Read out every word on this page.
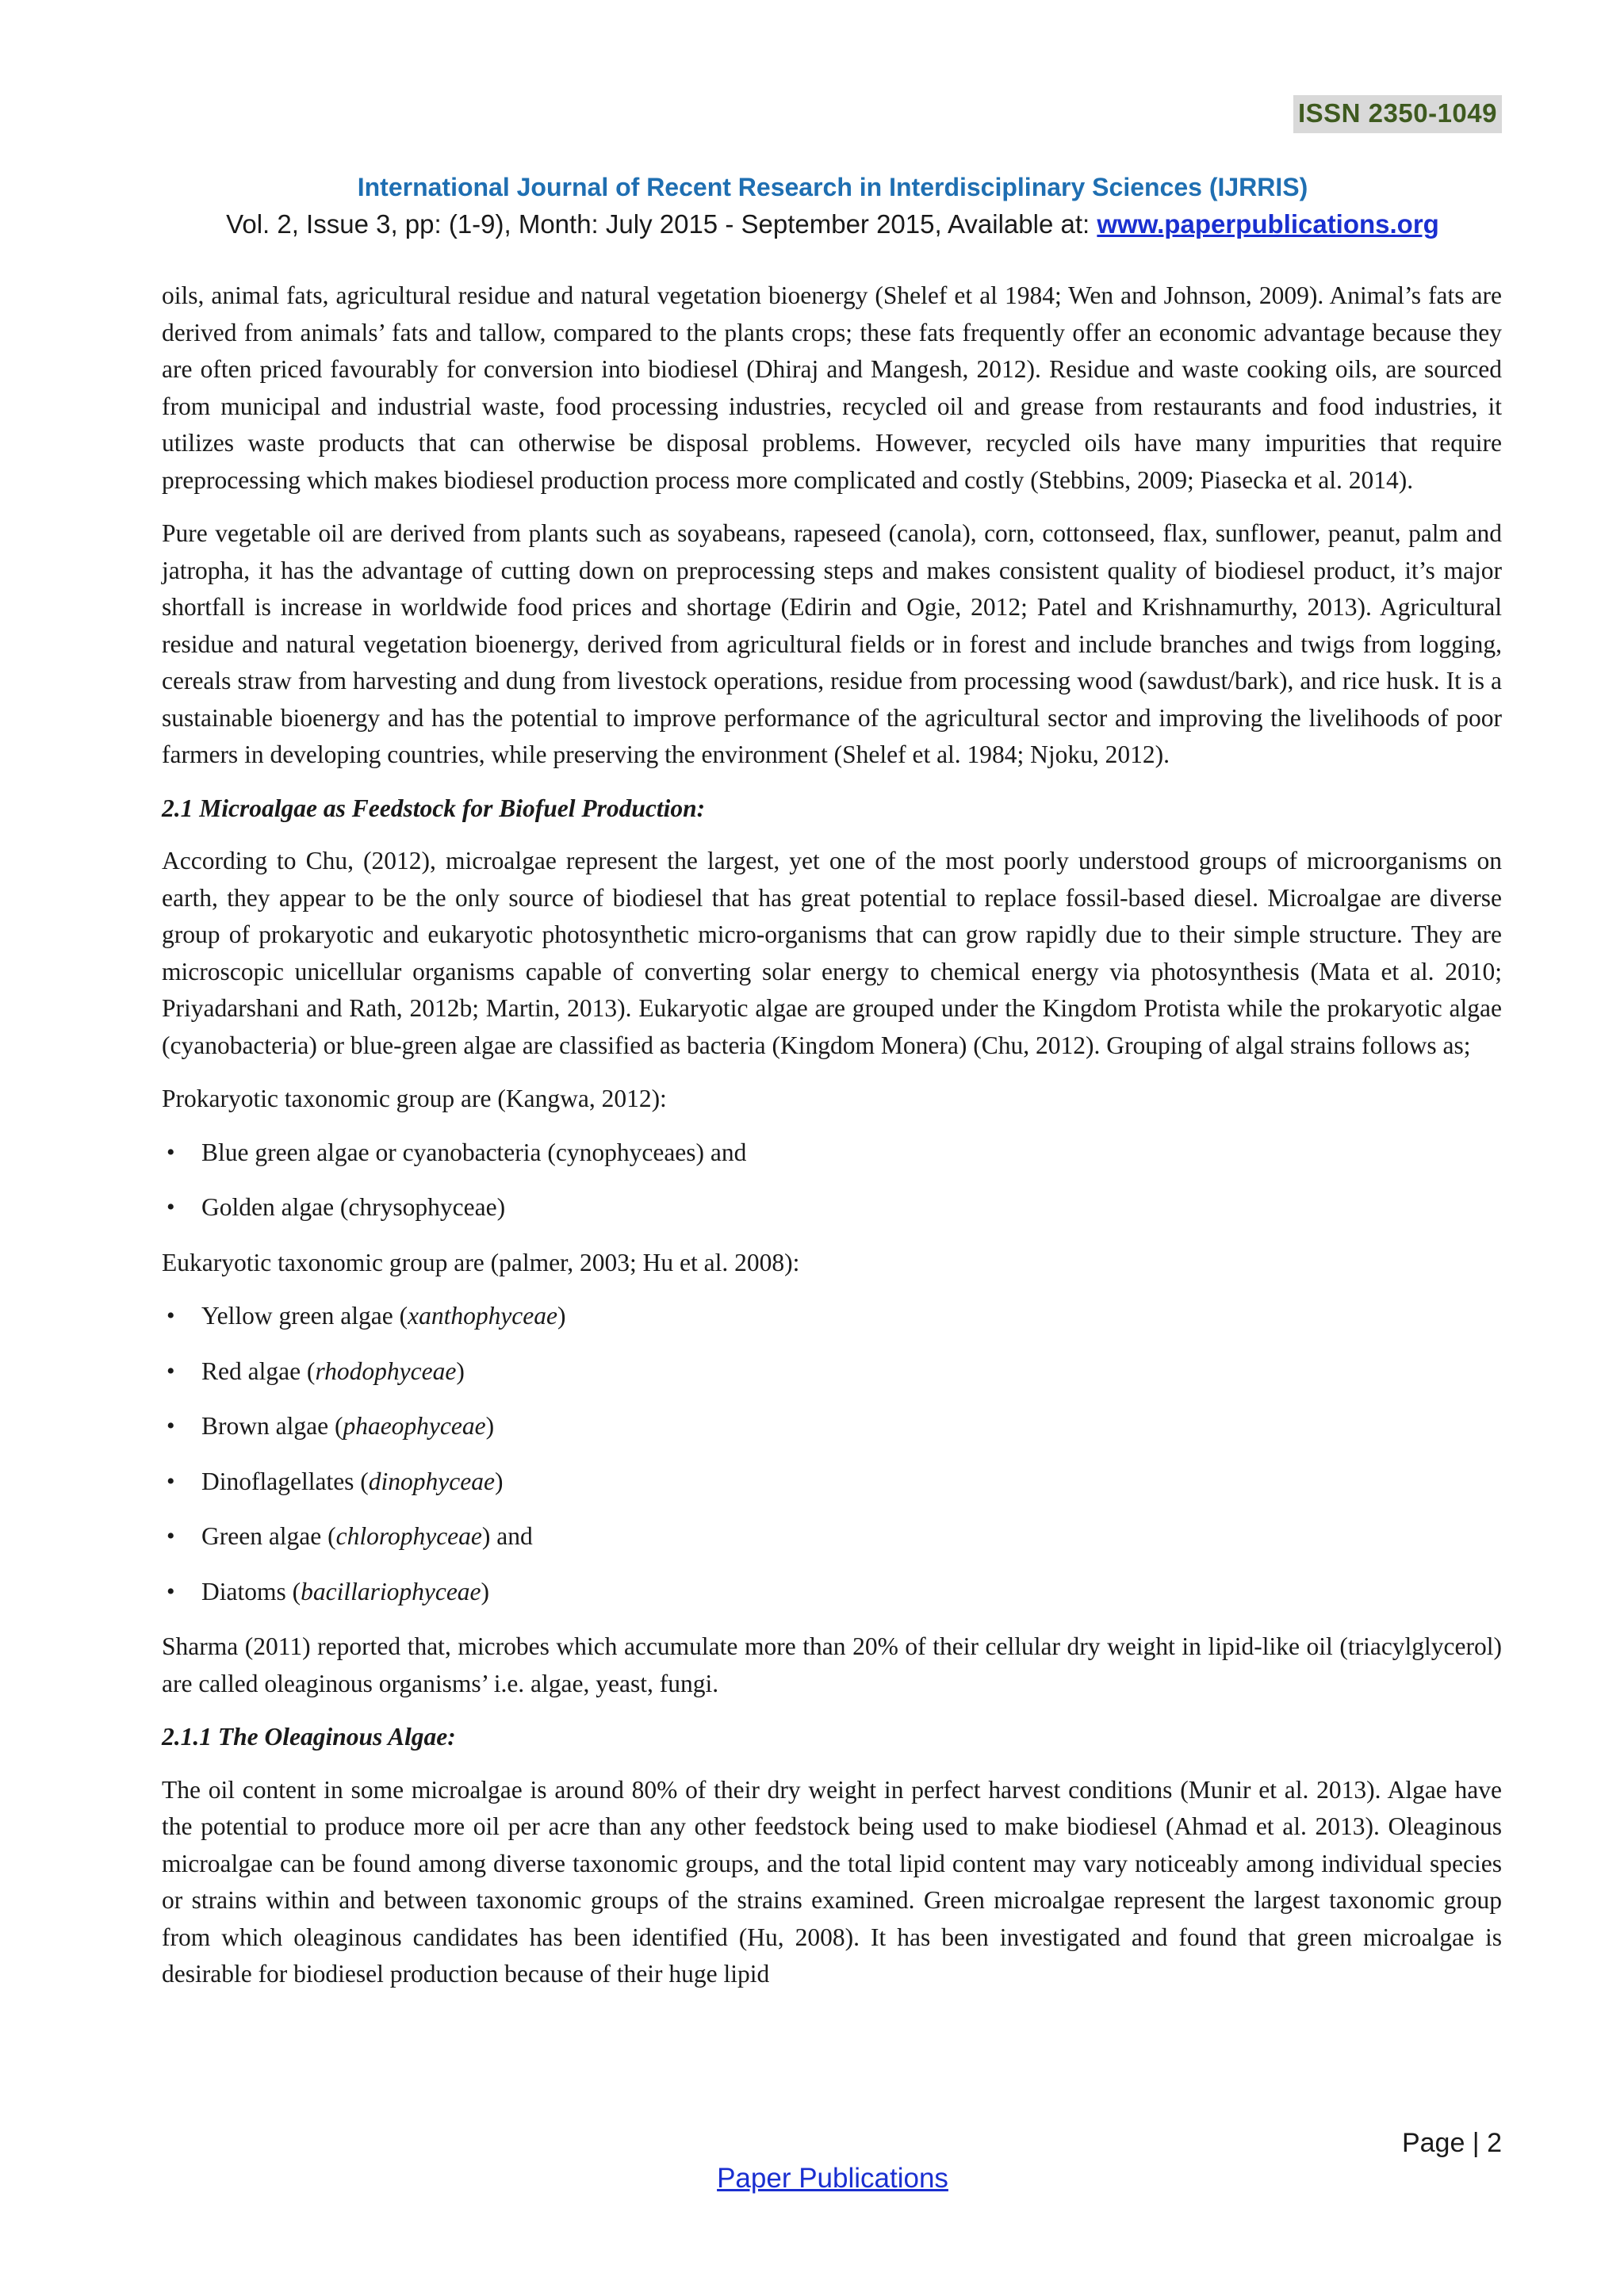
ISSN 2350-1049
International Journal of Recent Research in Interdisciplinary Sciences (IJRRIS)
Vol. 2, Issue 3, pp: (1-9), Month: July 2015 - September 2015, Available at: www.paperpublications.org

oils, animal fats, agricultural residue and natural vegetation bioenergy (Shelef et al 1984; Wen and Johnson, 2009). Animal’s fats are derived from animals’ fats and tallow, compared to the plants crops; these fats frequently offer an economic advantage because they are often priced favourably for conversion into biodiesel (Dhiraj and Mangesh, 2012). Residue and waste cooking oils, are sourced from municipal and industrial waste, food processing industries, recycled oil and grease from restaurants and food industries, it utilizes waste products that can otherwise be disposal problems. However, recycled oils have many impurities that require preprocessing which makes biodiesel production process more complicated and costly (Stebbins, 2009; Piasecka et al. 2014).

Pure vegetable oil are derived from plants such as soyabeans, rapeseed (canola), corn, cottonseed, flax, sunflower, peanut, palm and jatropha, it has the advantage of cutting down on preprocessing steps and makes consistent quality of biodiesel product, it’s major shortfall is increase in worldwide food prices and shortage (Edirin and Ogie, 2012; Patel and Krishnamurthy, 2013). Agricultural residue and natural vegetation bioenergy, derived from agricultural fields or in forest and include branches and twigs from logging, cereals straw from harvesting and dung from livestock operations, residue from processing wood (sawdust/bark), and rice husk. It is a sustainable bioenergy and has the potential to improve performance of the agricultural sector and improving the livelihoods of poor farmers in developing countries, while preserving the environment (Shelef et al. 1984; Njoku, 2012).

2.1 Microalgae as Feedstock for Biofuel Production:

According to Chu, (2012), microalgae represent the largest, yet one of the most poorly understood groups of microorganisms on earth, they appear to be the only source of biodiesel that has great potential to replace fossil-based diesel. Microalgae are diverse group of prokaryotic and eukaryotic photosynthetic micro-organisms that can grow rapidly due to their simple structure. They are microscopic unicellular organisms capable of converting solar energy to chemical energy via photosynthesis (Mata et al. 2010; Priyadarshani and Rath, 2012b; Martin, 2013). Eukaryotic algae are grouped under the Kingdom Protista while the prokaryotic algae (cyanobacteria) or blue-green algae are classified as bacteria (Kingdom Monera) (Chu, 2012). Grouping of algal strains follows as;

Prokaryotic taxonomic group are (Kangwa, 2012):

• Blue green algae or cyanobacteria (cynophyceaes) and
• Golden algae (chrysophyceae)

Eukaryotic taxonomic group are (palmer, 2003; Hu et al. 2008):

• Yellow green algae (xanthophyceae)
• Red algae (rhodophyceae)
• Brown algae (phaeophyceae)
• Dinoflagellates (dinophyceae)
• Green algae (chlorophyceae) and
• Diatoms (bacillariophyceae)

Sharma (2011) reported that, microbes which accumulate more than 20% of their cellular dry weight in lipid-like oil (triacylglycerol) are called oleaginous organisms’ i.e. algae, yeast, fungi.

2.1.1 The Oleaginous Algae:

The oil content in some microalgae is around 80% of their dry weight in perfect harvest conditions (Munir et al. 2013). Algae have the potential to produce more oil per acre than any other feedstock being used to make biodiesel (Ahmad et al. 2013). Oleaginous microalgae can be found among diverse taxonomic groups, and the total lipid content may vary noticeably among individual species or strains within and between taxonomic groups of the strains examined. Green microalgae represent the largest taxonomic group from which oleaginous candidates has been identified (Hu, 2008). It has been investigated and found that green microalgae is desirable for biodiesel production because of their huge lipid

Page | 2
Paper Publications
